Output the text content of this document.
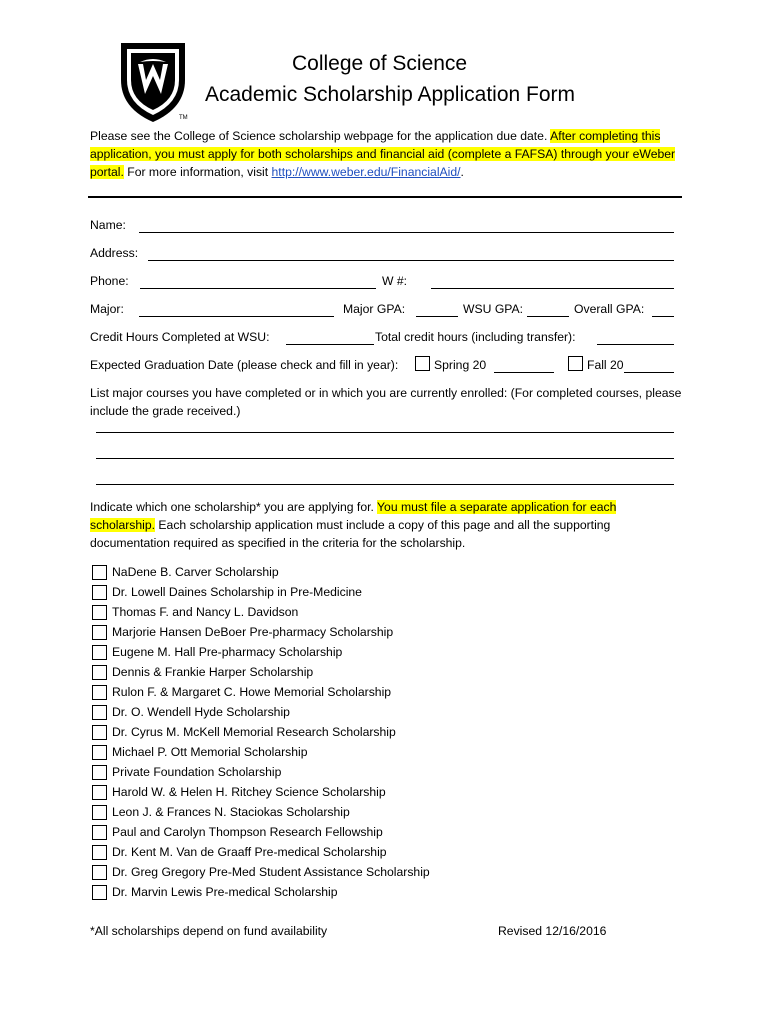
TM
College of Science
Academic Scholarship Application Form
Please see the College of Science scholarship webpage for the application due date. After completing this application, you must apply for both scholarships and financial aid (complete a FAFSA) through your eWeber portal. For more information, visit http://www.weber.edu/FinancialAid/.
Name:
Address:
Phone:	W #:
Major:	Major GPA:	WSU GPA:	Overall GPA:
Credit Hours Completed at WSU:	Total credit hours (including transfer):
Expected Graduation Date (please check and fill in year):	Spring 20	Fall 20
List major courses you have completed or in which you are currently enrolled: (For completed courses, please include the grade received.)
Indicate which one scholarship* you are applying for. You must file a separate application for each scholarship. Each scholarship application must include a copy of this page and all the supporting documentation required as specified in the criteria for the scholarship.
NaDene B. Carver Scholarship
Dr. Lowell Daines Scholarship in Pre-Medicine
Thomas F. and Nancy L. Davidson
Marjorie Hansen DeBoer Pre-pharmacy Scholarship
Eugene M. Hall Pre-pharmacy Scholarship
Dennis & Frankie Harper Scholarship
Rulon F. & Margaret C. Howe Memorial Scholarship
Dr. O. Wendell Hyde Scholarship
Dr. Cyrus M. McKell Memorial Research Scholarship
Michael P. Ott Memorial Scholarship
Private Foundation Scholarship
Harold W. & Helen H. Ritchey Science Scholarship
Leon J. & Frances N. Staciokas Scholarship
Paul and Carolyn Thompson Research Fellowship
Dr. Kent M. Van de Graaff Pre-medical Scholarship
Dr. Greg Gregory Pre-Med Student Assistance Scholarship
Dr. Marvin Lewis Pre-medical Scholarship
*All scholarships depend on fund availability	Revised 12/16/2016
